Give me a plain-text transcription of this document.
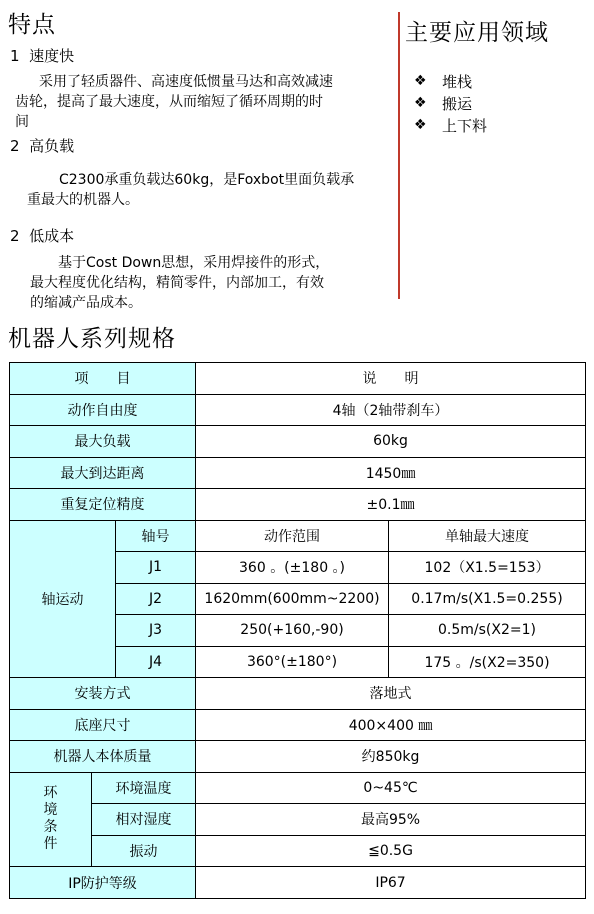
特点
1 速度快
采用了轻质器件、高速度低惯量马达和高效减速
齿轮，提高了最大速度，从而缩短了循环周期的时
间
2 高负载
C2300承重负载达60kg，是Foxbot里面负载承
重最大的机器人。
2 低成本
基于Cost Down思想，采用焊接件的形式，
最大程度优化结构，精简零件，内部加工，有效
的缩减产品成本。
主要应用领域
❖	堆栈
❖	搬运
❖	上下料
机器人系列规格
项　　目			说　　明	
动作自由度			4轴（2轴带刹车）	
最大负载			60kg	
最大到达距离			1450㎜	
重复定位精度			±0.1㎜	
轴运动		轴号	动作范围	单轴最大速度
		J1	360 。(±180 。)	102（X1.5=153）
		J2	1620mm(600mm~2200)	0.17m/s(X1.5=0.255)
		J3	250(+160,-90)	0.5m/s(X2=1)
		J4	360°(±180°)	175 。/s(X2=350)
安装方式			落地式	
底座尺寸			400×400 ㎜	
机器人本体质量			约850kg	
环境条件	环境温度		0~45℃	
	相对湿度		最高95%	
	振动		≦0.5G	
IP防护等级			IP67	
